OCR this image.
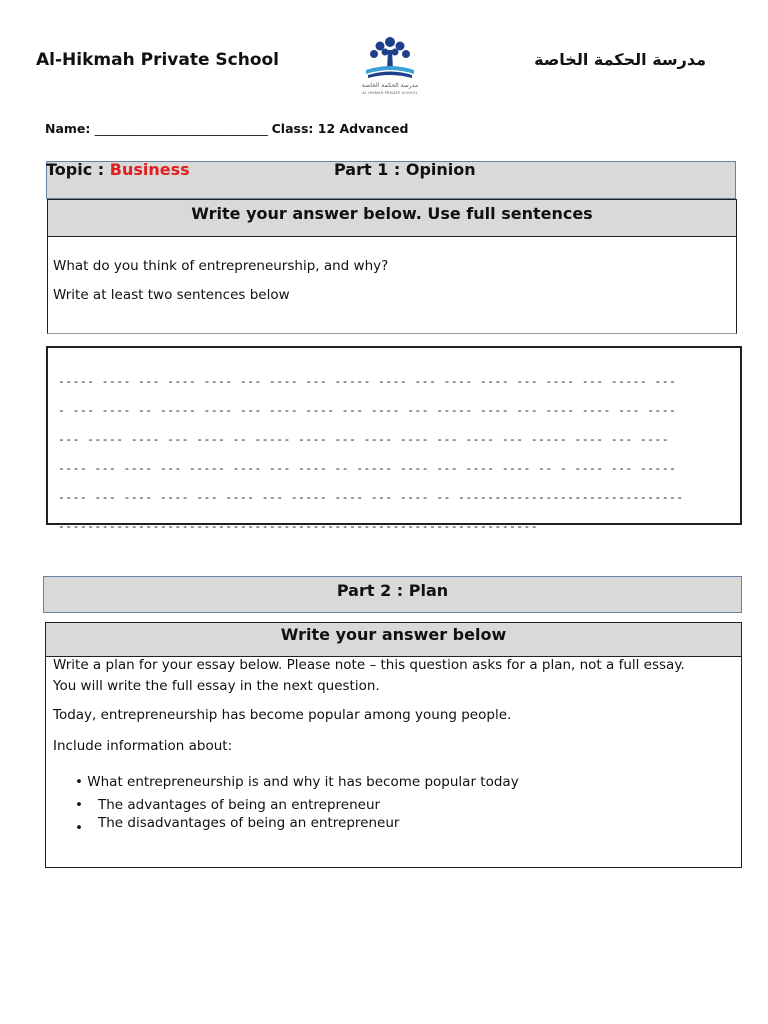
Al-Hikmah Private School
مدرسة الحكمة الخاصة
AL HIKMAH PRIVATE SCHOOL
مدرسة الحكمة الخاصة
Name: ______________________________ Class: 12 Advanced
Topic : Business	Part 1 : Opinion
Write your answer below. Use full sentences
What do you think of entrepreneurship, and why?
Write at least two sentences below
----- ---- --- ---- ---- --- ---- --- ----- ---- --- ---- ---- --- ---- --- ----- ---
- --- ---- -- ----- ---- --- ---- ---- --- ---- --- ----- ---- --- ---- ---- --- ----
--- ----- ---- --- ---- -- ----- ---- --- ---- ---- --- ---- --- ----- ---- --- ----
---- --- ---- --- ----- ---- --- ---- -- ----- ---- --- ---- ---- -- - ---- --- -----
---- --- ---- ---- --- ---- --- ----- ---- --- ---- -- -------------------------------
------------------------------------------------------------------
Part 2 : Plan
Write your answer below
Write a plan for your essay below. Please note – this question asks for a plan, not a full essay.
You will write the full essay in the next question.
Today, entrepreneurship has become popular among young people.
Include information about:
• What entrepreneurship is and why it has become popular today
• The advantages of being an entrepreneur
• The disadvantages of being an entrepreneur
